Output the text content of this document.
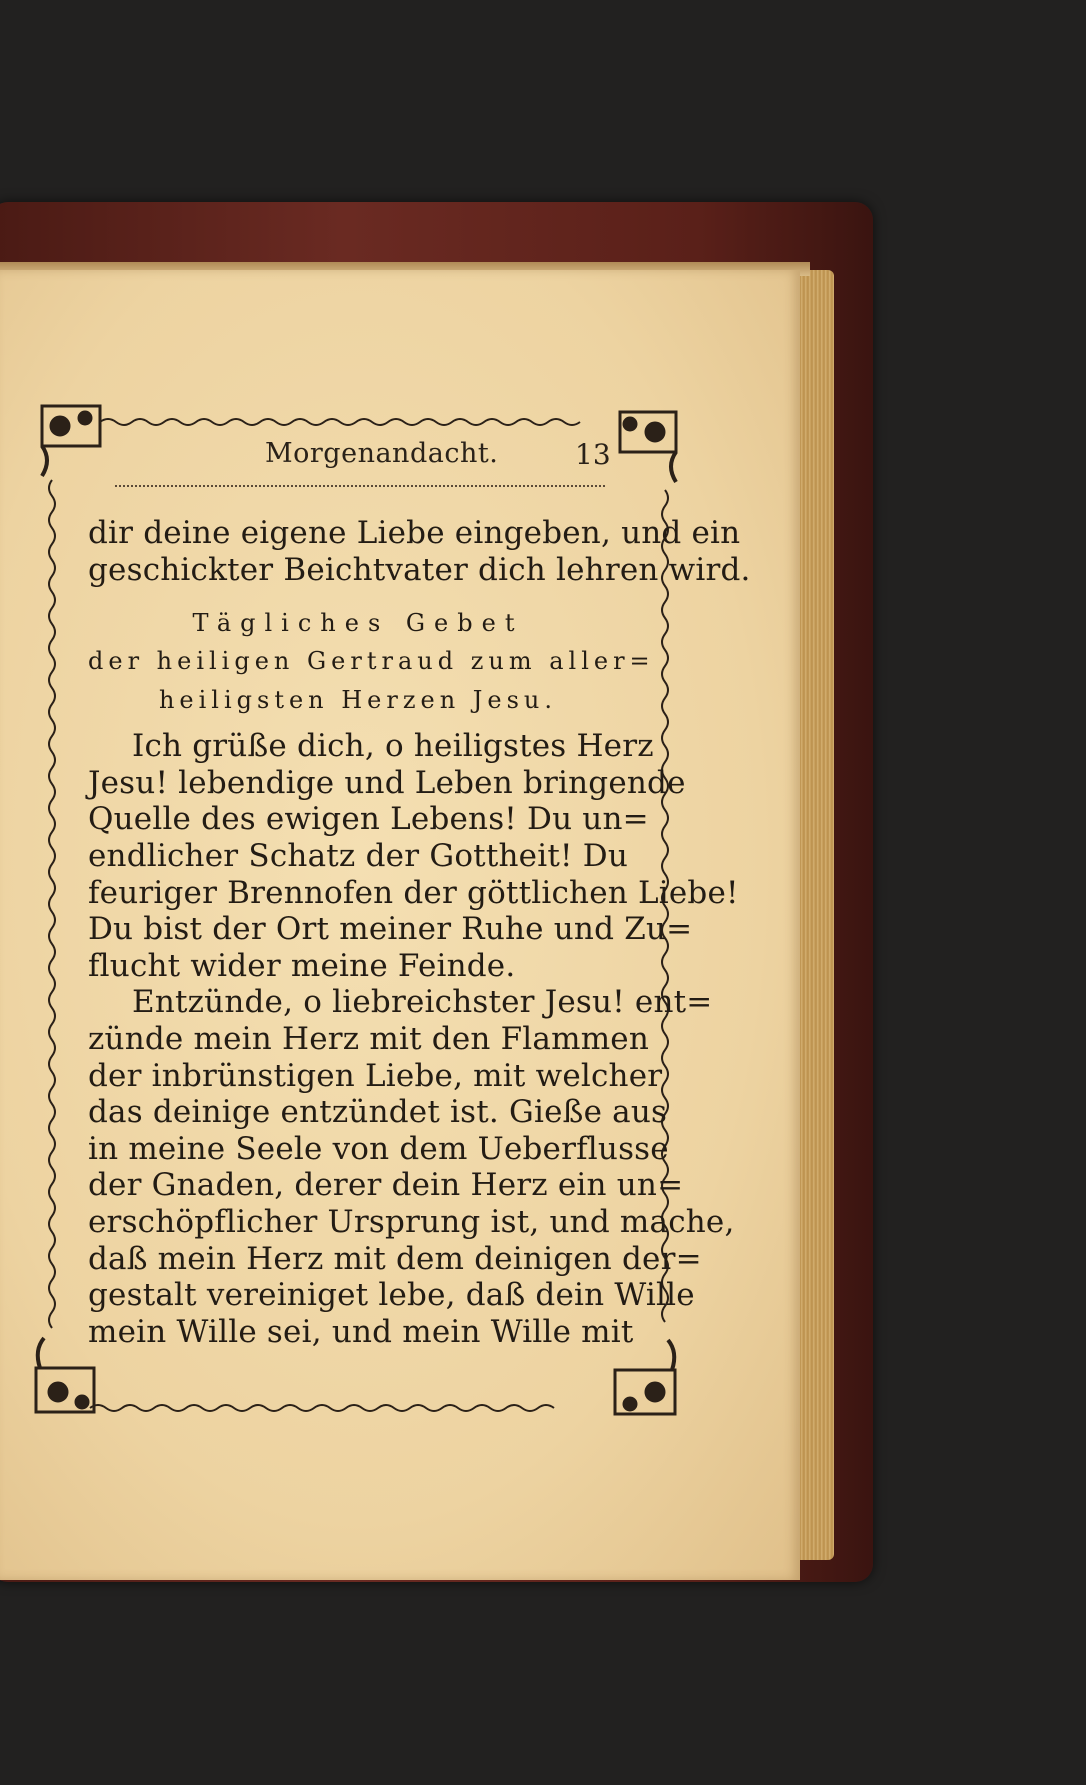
Morgenandacht.	13
dir deine eigene Liebe eingeben, und ein
geschickter Beichtvater dich lehren wird.
Tägliches Gebet
der heiligen Gertraud zum aller=
heiligsten Herzen Jesu.
Ich grüße dich, o heiligstes Herz
Jesu! lebendige und Leben bringende
Quelle des ewigen Lebens! Du un=
endlicher Schatz der Gottheit! Du
feuriger Brennofen der göttlichen Liebe!
Du bist der Ort meiner Ruhe und Zu=
flucht wider meine Feinde.
Entzünde, o liebreichster Jesu! ent=
zünde mein Herz mit den Flammen
der inbrünstigen Liebe, mit welcher
das deinige entzündet ist. Gieße aus
in meine Seele von dem Ueberflusse
der Gnaden, derer dein Herz ein un=
erschöpflicher Ursprung ist, und mache,
daß mein Herz mit dem deinigen der=
gestalt vereiniget lebe, daß dein Wille
mein Wille sei, und mein Wille mit
